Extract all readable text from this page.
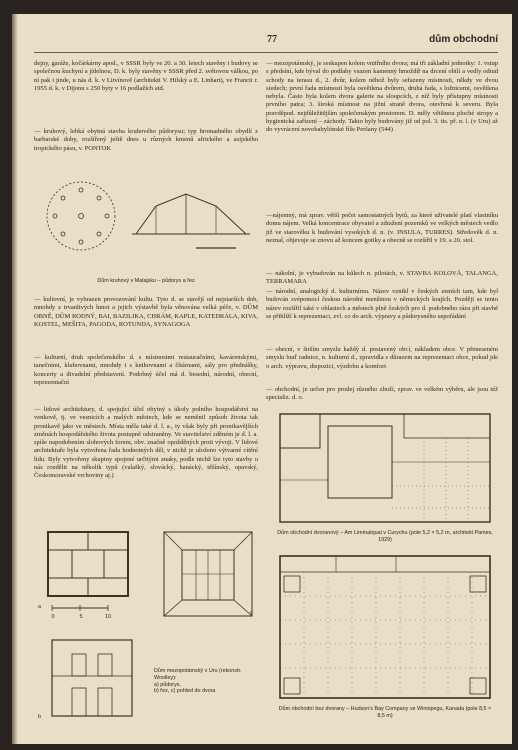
77	dům obchodní

dejny, garáže, kočárkárny apod., v SSSR byly ve 20. a 30. letech stavěny i budovy se společnou kuchyní a jídelnou, D. k. byly stavěny v SSSR před 2. světovou válkou, po ní pak i jinde, u nás d. k. v Litvínově (architekti V. Hilský a E. Linhart), ve Francii r. 1955 d. k. v Dijonu s 250 byty v 16 podlažích atd.

— kruhový, lehká obytná stavba kruhového půdorysu; typ hromadného obydlí z barbarské doby, rozšířený ještě dnes u různých kmenů afrického a asijského tropického pásu, v. PONTOK

Dům kruhový v Malajsku – půdorys a řez

— kultovní, je vyhrazen provozování kultu. Tyto d. se stavějí od nejstarších dob, mnohdy z trvanlivých hmot a jejich výstavbě byla věnována velká péče, v. DŮM OBNĚ, DŮM RODNÝ, BAI, BAZILIKA, CHRÁM, KAPLE, KATEDRÁLA, KIVA, KOSTEL, MEŠITA, PAGODA, ROTUNDA, SYNAGOGA

— kulturní, druh společenského d. s místnostmi restauračními, kavárenskými, tanečními, klubovnami, mnohdy i s knihovnami a čítárnami, sály pro přednášky, koncerty a divadelní představení. Podobný účel má d. besední, národní, obecní, reprezentační

— lidové architektury, d. spojující účel obytný s úkoly polního hospodářství na venkově, tj. ve vesnicích a malých městech, kde se neměnil způsob života tak pronikavě jako ve městech. Místa měla také d. l. a., ty však byly při pronikavějších změnách hospodářského života postupně odstraněny. Ve stavitelství zděném je d. l. a. spíše napodobením slohových forem, obv. značně opožděných proti vývoji. V lidové architektuře byla vytvořena řada hodnotných děl, v nichž je uloženo výtvarné cítění lidu. Byly vytvořeny skupiny spojené určitými znaky, podle nichž lze tyto stavby u nás rozdělit na několik typů (valašký, slovácký, hanácký, těšínský, opavský, Českomoravské vrchoviny aj.)

0	5	10
a
c
b
Dům mezopotámský v Uru (rekonstr. Woolley):
a) půdorys,
b) řez, c) pohled do dvora

— mezopotámský, je seskupen kolem vnitřního dvora; má tři základní jednotky: 1. vstup s předsíní, kde býval do podlahy vsazen kamenný hmoždíř na drcení obilí a vedly odtud schody na terasu d., 2. dvůr, kolem něhož byly seřazeny místnosti, někdy ve dvou siedech; první řada místností byla osvětlena dvůrem, druhá řada, s ložnicemi, osvětlena nebyla. Často byla kolem dvora galerie na sloupcích, z níž byly přístupny místnosti prvního patra; 3. široká místnost na jižní straně dvora, otevřená k severu. Byla pravděpod. nejdůležitějším společenským prostorem. D. měly většinou ploché stropy a hygienická zařízení – záchody. Takto byly budovány již od pol. 3. tis. př. n. l. (v Uru) až do vyvrácení novobabylónské říše Peršany (544)

—nájemný, má zprav. větší počet samostatných bytů, za které uživatelé platí vlastníku domu nájem. Velká koncentrace obyvatel a zdražení pozemků ve velkých městech vedlo již ve starověku k budování vysokých d. n. (v. INSULA, TURRES). Středověk d. n. neznal, objevuje se znovu až koncem gotiky a obecně se rozšířil v 19. a 20. stol.

— nákolní, je vybudován na kůlech n. pilotách, v. STAVBA KOLOVÁ, TALANGA, TERRAMARA

— národní, analogický d. kulturnímu. Název vznikl v českých zemích tam, kde byl budován svépomocí českou národní menšinou v německých krajích. Později se tento název rozšířil také v oblastech a městech plně českých pro d. podobného rázu při stavbě se přihlíží k reprezentaci, zvl. co do arch. výpravy a půdorysného uspořádání

— obecní, v širším smyslu každý d. postavený obcí, nákladem obce. V přeneseném smyslu buď radnice, n. kulturní d., zpravidla s důrazem na reprezentaci obce, pokud jde o arch. výpravu, dispozici, výzdobu a komfort

— obchodní, je určen pro prodej různého zboží, zprav. ve velkém výběru, ale jsou též specializ. d. o.

Dům obchodní dvoranový – Am Limmatquai v Curychu (pole 5,2 × 5,2 m, architekt Pames, 1929)
Dům obchodní bez dvorany – Hudson's Bay Company ve Winnipegu, Kanada (pole 8,5 × 8,5 m)
